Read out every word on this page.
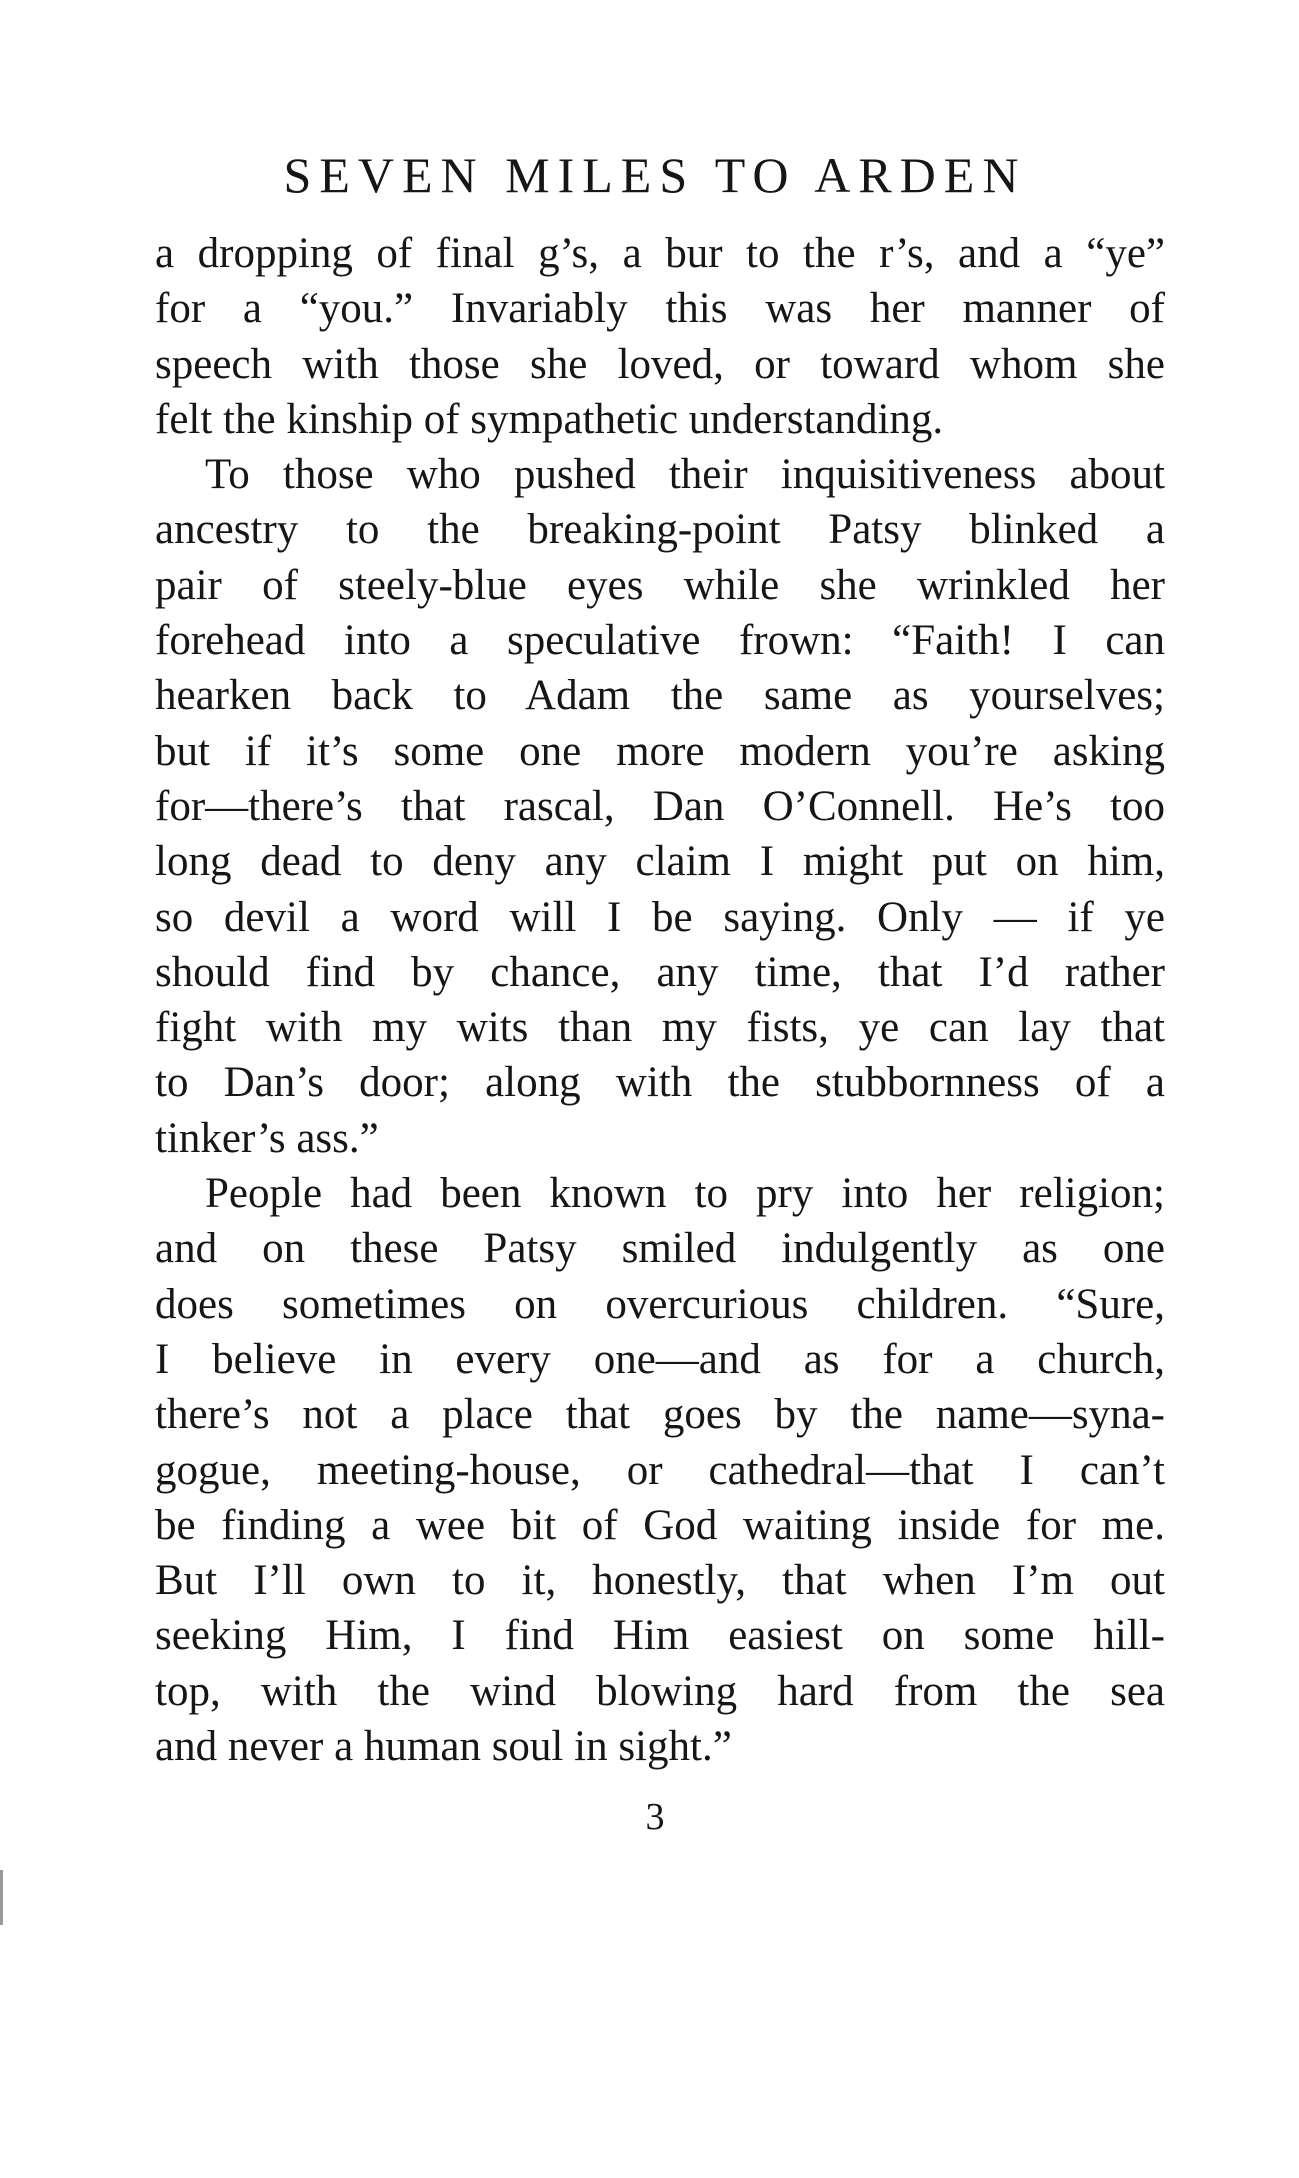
SEVEN MILES TO ARDEN
a dropping of final g’s, a bur to the r’s, and a “ye”
for a “you.” Invariably this was her manner of
speech with those she loved, or toward whom she
felt the kinship of sympathetic understanding.
To those who pushed their inquisitiveness about
ancestry to the breaking-point Patsy blinked a
pair of steely-blue eyes while she wrinkled her
forehead into a speculative frown: “Faith! I can
hearken back to Adam the same as yourselves;
but if it’s some one more modern you’re asking
for—there’s that rascal, Dan O’Connell. He’s too
long dead to deny any claim I might put on him,
so devil a word will I be saying. Only — if ye
should find by chance, any time, that I’d rather
fight with my wits than my fists, ye can lay that
to Dan’s door; along with the stubbornness of a
tinker’s ass.”
People had been known to pry into her religion;
and on these Patsy smiled indulgently as one
does sometimes on overcurious children. “Sure,
I believe in every one—and as for a church,
there’s not a place that goes by the name—syna-
gogue, meeting-house, or cathedral—that I can’t
be finding a wee bit of God waiting inside for me.
But I’ll own to it, honestly, that when I’m out
seeking Him, I find Him easiest on some hill-
top, with the wind blowing hard from the sea
and never a human soul in sight.”
3
